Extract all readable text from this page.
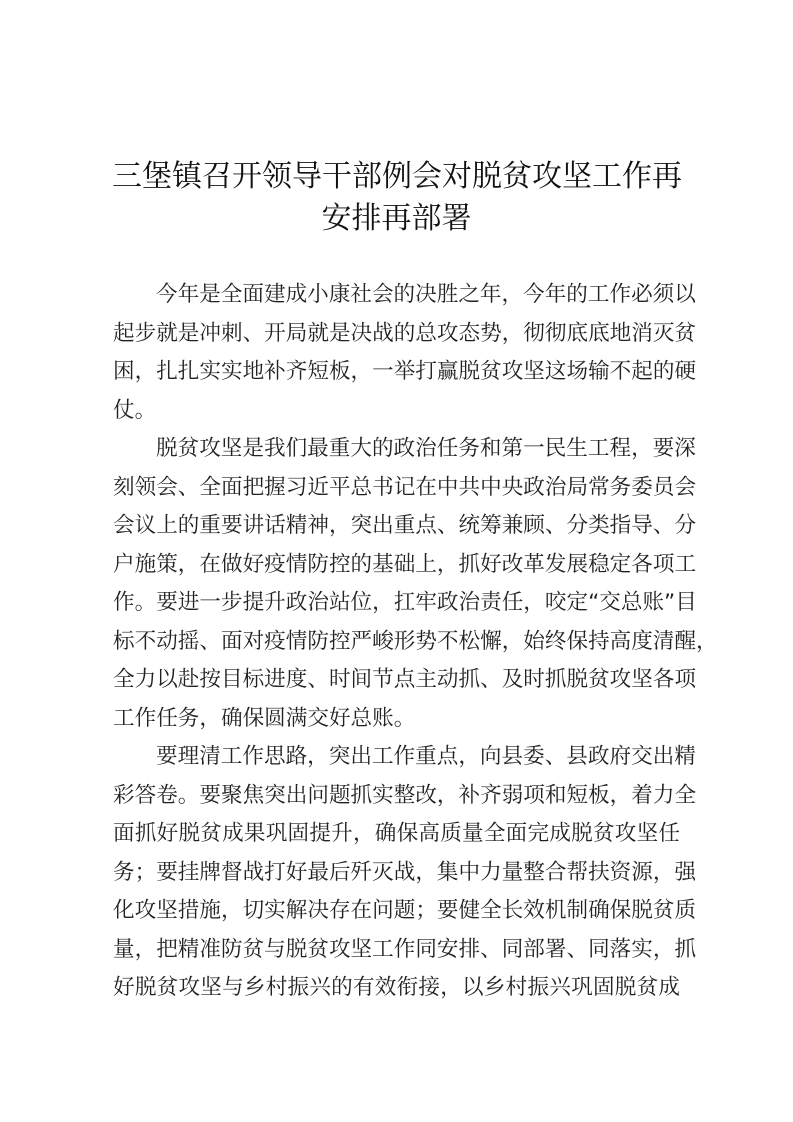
三堡镇召开领导干部例会对脱贫攻坚工作再
安排再部署

今年是全面建成小康社会的决胜之年，今年的工作必须以
起步就是冲刺、开局就是决战的总攻态势，彻彻底底地消灭贫
困，扎扎实实地补齐短板，一举打赢脱贫攻坚这场输不起的硬
仗。

脱贫攻坚是我们最重大的政治任务和第一民生工程，要深
刻领会、全面把握习近平总书记在中共中央政治局常务委员会
会议上的重要讲话精神，突出重点、统筹兼顾、分类指导、分
户施策，在做好疫情防控的基础上，抓好改革发展稳定各项工
作。要进一步提升政治站位，扛牢政治责任，咬定“交总账”目
标不动摇、面对疫情防控严峻形势不松懈，始终保持高度清醒，
全力以赴按目标进度、时间节点主动抓、及时抓脱贫攻坚各项
工作任务，确保圆满交好总账。

要理清工作思路，突出工作重点，向县委、县政府交出精
彩答卷。要聚焦突出问题抓实整改，补齐弱项和短板，着力全
面抓好脱贫成果巩固提升，确保高质量全面完成脱贫攻坚任
务；要挂牌督战打好最后歼灭战，集中力量整合帮扶资源，强
化攻坚措施，切实解决存在问题；要健全长效机制确保脱贫质
量，把精准防贫与脱贫攻坚工作同安排、同部署、同落实，抓
好脱贫攻坚与乡村振兴的有效衔接，以乡村振兴巩固脱贫成
